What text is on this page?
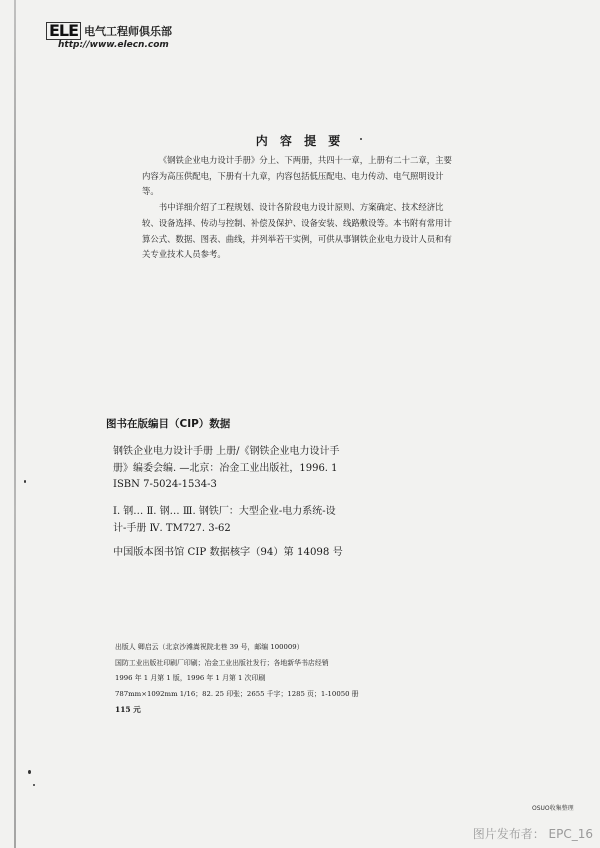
ELE 电气工程师俱乐部
http://www.elecn.com
内 容 提 要

《钢铁企业电力设计手册》分上、下两册，共四十一章，上册有二十二章，主要内容为高压供配电，下册有十九章，内容包括低压配电、电力传动、电气照明设计等。

书中详细介绍了工程规划、设计各阶段电力设计原则、方案确定、技术经济比较、设备选择、传动与控制、补偿及保护、设备安装、线路敷设等。本书附有常用计算公式、数据、图表、曲线，并列举若干实例，可供从事钢铁企业电力设计人员和有关专业技术人员参考。

图书在版编目（CIP）数据

钢铁企业电力设计手册 上册/《钢铁企业电力设计手

册》编委会编. —北京：冶金工业出版社，1996. 1

ISBN 7-5024-1534-3

Ⅰ. 钢… Ⅱ. 钢… Ⅲ. 钢铁厂：大型企业-电力系统-设

计-手册 Ⅳ. TM727. 3-62

中国版本图书馆 CIP 数据核字（94）第 14098 号

出版人 卿启云（北京沙滩嵩祝院北巷 39 号，邮编 100009）

国防工业出版社印刷厂印刷；冶金工业出版社发行；各地新华书店经销

1996 年 1 月第 1 版，1996 年 1 月第 1 次印刷

787mm×1092mm 1/16；82. 25 印张；2655 千字；1285 页；1-10050 册

115 元

OSUO收集整理
图片发布者： EPC_16
